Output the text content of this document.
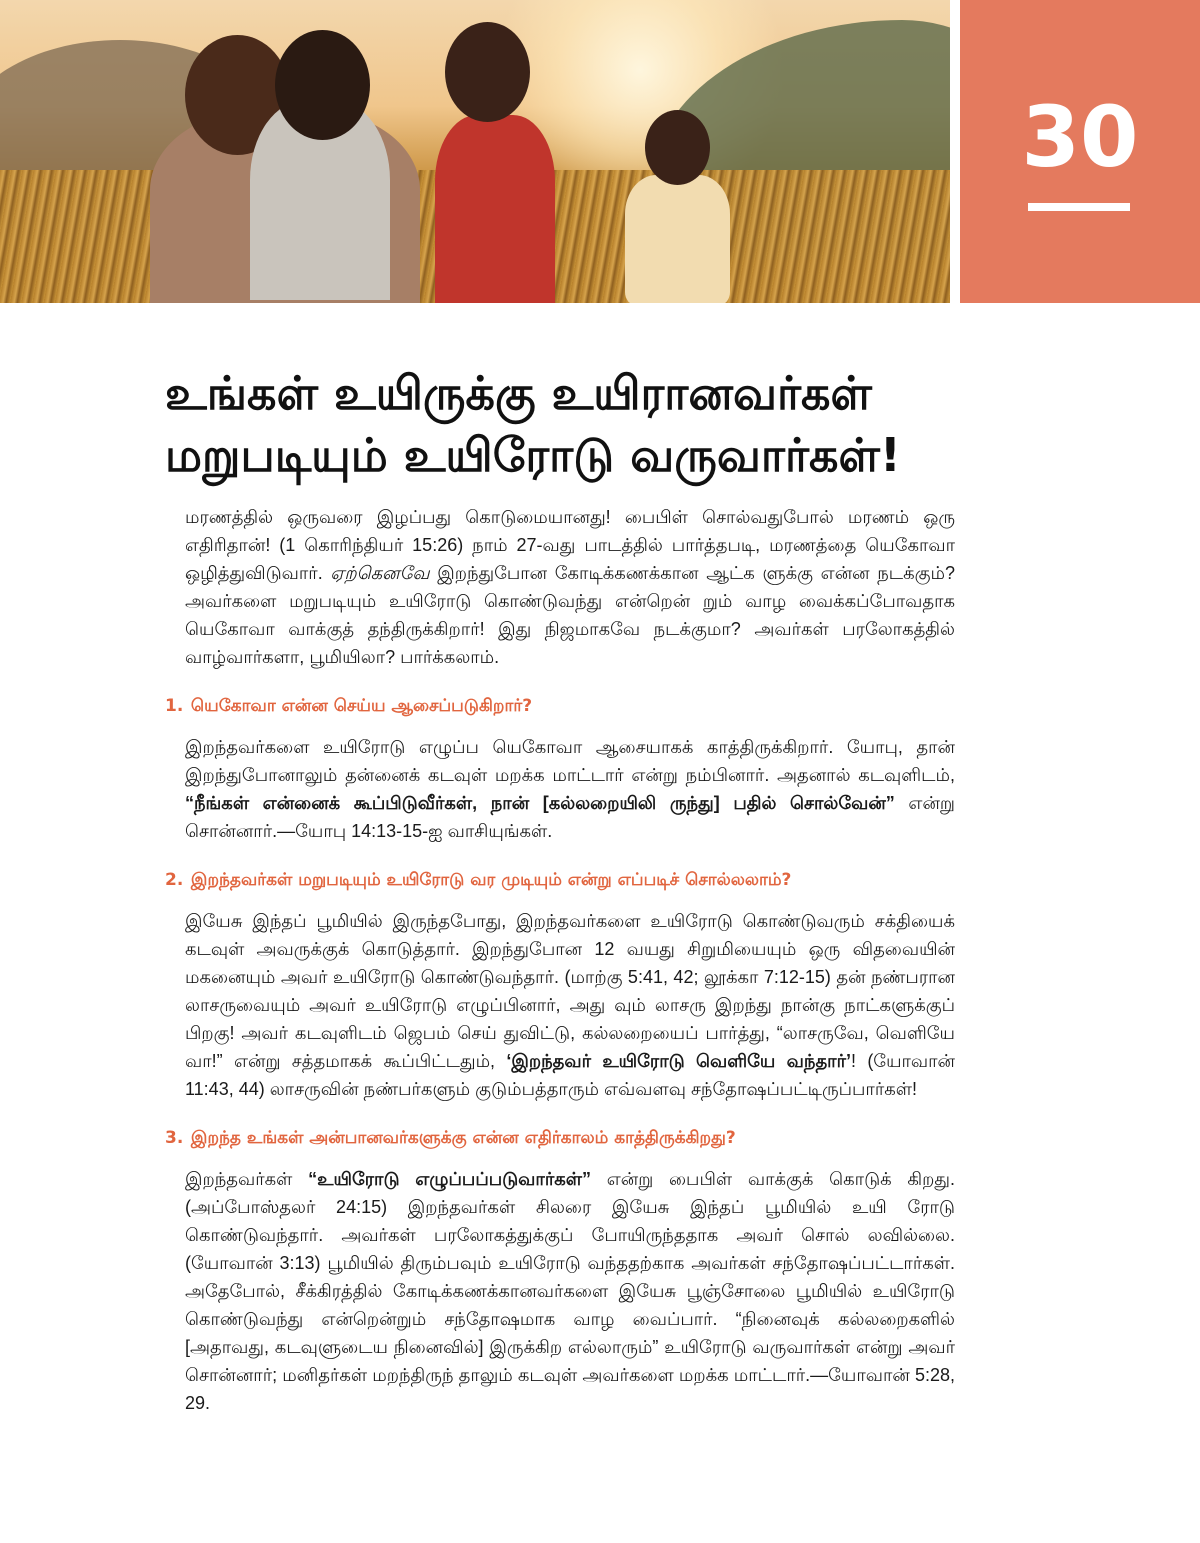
30
உங்கள் உயிருக்கு உயிரானவர்கள்
மறுபடியும் உயிரோடு வருவார்கள்!

மரணத்தில் ஒருவரை இழப்பது கொடுமையானது! பைபிள் சொல்வதுபோல் மரணம் ஒரு எதிரிதான்! (1 கொரிந்தியர் 15:26) நாம் 27-வது பாடத்தில் பார்த்தபடி, மரணத்தை யெகோவா ஒழித்துவிடுவார். ஏற்கெனவே இறந்துபோன கோடிக்கணக்கான ஆட்க ளுக்கு என்ன நடக்கும்? அவர்களை மறுபடியும் உயிரோடு கொண்டுவந்து என்றென் றும் வாழ வைக்கப்போவதாக யெகோவா வாக்குத் தந்திருக்கிறார்! இது நிஜமாகவே நடக்குமா? அவர்கள் பரலோகத்தில் வாழ்வார்களா, பூமியிலா? பார்க்கலாம்.

1. யெகோவா என்ன செய்ய ஆசைப்படுகிறார்?

இறந்தவர்களை உயிரோடு எழுப்ப யெகோவா ஆசையாகக் காத்திருக்கிறார். யோபு, தான் இறந்துபோனாலும் தன்னைக் கடவுள் மறக்க மாட்டார் என்று நம்பினார். அதனால் கடவுளிடம், “நீங்கள் என்னைக் கூப்பிடுவீர்கள், நான் [கல்லறையிலி ருந்து] பதில் சொல்வேன்” என்று சொன்னார்.—யோபு 14:13-15-ஐ வாசியுங்கள்.

2. இறந்தவர்கள் மறுபடியும் உயிரோடு வர முடியும் என்று எப்படிச் சொல்லலாம்?

இயேசு இந்தப் பூமியில் இருந்தபோது, இறந்தவர்களை உயிரோடு கொண்டுவரும் சக்தியைக் கடவுள் அவருக்குக் கொடுத்தார். இறந்துபோன 12 வயது சிறுமியையும் ஒரு விதவையின் மகனையும் அவர் உயிரோடு கொண்டுவந்தார். (மாற்கு 5:41, 42; லூக்கா 7:12-15) தன் நண்பரான லாசருவையும் அவர் உயிரோடு எழுப்பினார், அது வும் லாசரு இறந்து நான்கு நாட்களுக்குப் பிறகு! அவர் கடவுளிடம் ஜெபம் செய் துவிட்டு, கல்லறையைப் பார்த்து, “லாசருவே, வெளியே வா!” என்று சத்தமாகக் கூப்பிட்டதும், ‘இறந்தவர் உயிரோடு வெளியே வந்தார்’! (யோவான் 11:43, 44) லாசருவின் நண்பர்களும் குடும்பத்தாரும் எவ்வளவு சந்தோஷப்பட்டிருப்பார்கள்!

3. இறந்த உங்கள் அன்பானவர்களுக்கு என்ன எதிர்காலம் காத்திருக்கிறது?

இறந்தவர்கள் “உயிரோடு எழுப்பப்படுவார்கள்” என்று பைபிள் வாக்குக் கொடுக் கிறது. (அப்போஸ்தலர் 24:15) இறந்தவர்கள் சிலரை இயேசு இந்தப் பூமியில் உயி ரோடு கொண்டுவந்தார். அவர்கள் பரலோகத்துக்குப் போயிருந்ததாக அவர் சொல் லவில்லை. (யோவான் 3:13) பூமியில் திரும்பவும் உயிரோடு வந்ததற்காக அவர்கள் சந்தோஷப்பட்டார்கள். அதேபோல், சீக்கிரத்தில் கோடிக்கணக்கானவர்களை இயேசு பூஞ்சோலை பூமியில் உயிரோடு கொண்டுவந்து என்றென்றும் சந்தோஷமாக வாழ வைப்பார். “நினைவுக் கல்லறைகளில் [அதாவது, கடவுளுடைய நினைவில்] இருக்கிற எல்லாரும்” உயிரோடு வருவார்கள் என்று அவர் சொன்னார்; மனிதர்கள் மறந்திருந் தாலும் கடவுள் அவர்களை மறக்க மாட்டார்.—யோவான் 5:28, 29.
